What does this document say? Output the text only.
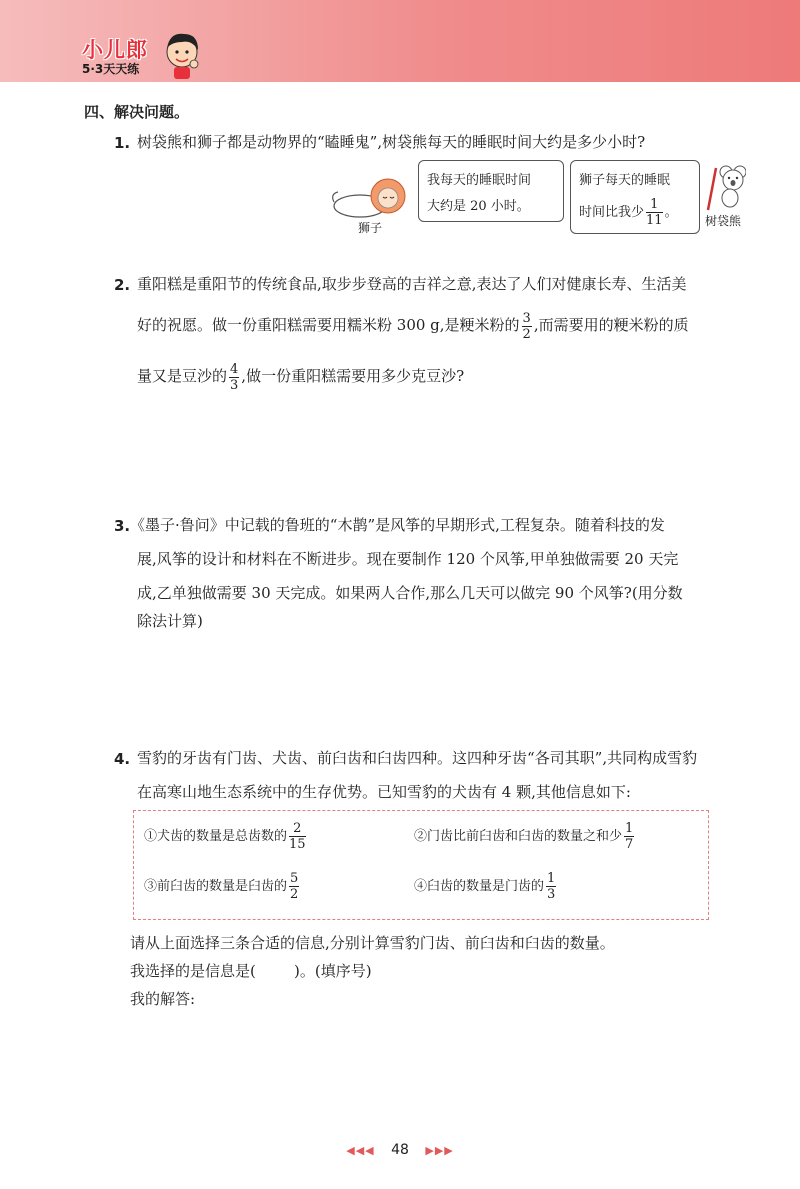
小儿郎
5·3天天练
四、解决问题。
1. 树袋熊和狮子都是动物界的“瞌睡鬼”,树袋熊每天的睡眠时间大约是多少小时?
狮子
我每天的睡眠时间
大约是 20 小时。
狮子每天的睡眠
时间比我少 $\frac{1}{11}$ 。
树袋熊
2. 重阳糕是重阳节的传统食品,取步步登高的吉祥之意,表达了人们对健康长寿、生活美
好的祝愿。做一份重阳糕需要用糯米粉 300 g,是粳米粉的 $\frac{3}{2}$ ,而需要用的粳米粉的质
量又是豆沙的 $\frac{4}{3}$ ,做一份重阳糕需要用多少克豆沙?
3. 《墨子·鲁问》中记载的鲁班的“木鹊”是风筝的早期形式,工程复杂。随着科技的发
展,风筝的设计和材料在不断进步。现在要制作 120 个风筝,甲单独做需要 20 天完
成,乙单独做需要 30 天完成。如果两人合作,那么几天可以做完 90 个风筝?(用分数
除法计算)
4. 雪豹的牙齿有门齿、犬齿、前臼齿和臼齿四种。这四种牙齿“各司其职”,共同构成雪豹
在高寒山地生态系统中的生存优势。已知雪豹的犬齿有 4 颗,其他信息如下:
①犬齿的数量是总齿数的 $\frac{2}{15}$	②门齿比前臼齿和臼齿的数量之和少 $\frac{1}{7}$
③前臼齿的数量是臼齿的 $\frac{5}{2}$	④臼齿的数量是门齿的 $\frac{1}{3}$
请从上面选择三条合适的信息,分别计算雪豹门齿、前臼齿和臼齿的数量。
我选择的是信息是(        )。(填序号)
我的解答:
◀◀◀ 48 ▶▶▶
